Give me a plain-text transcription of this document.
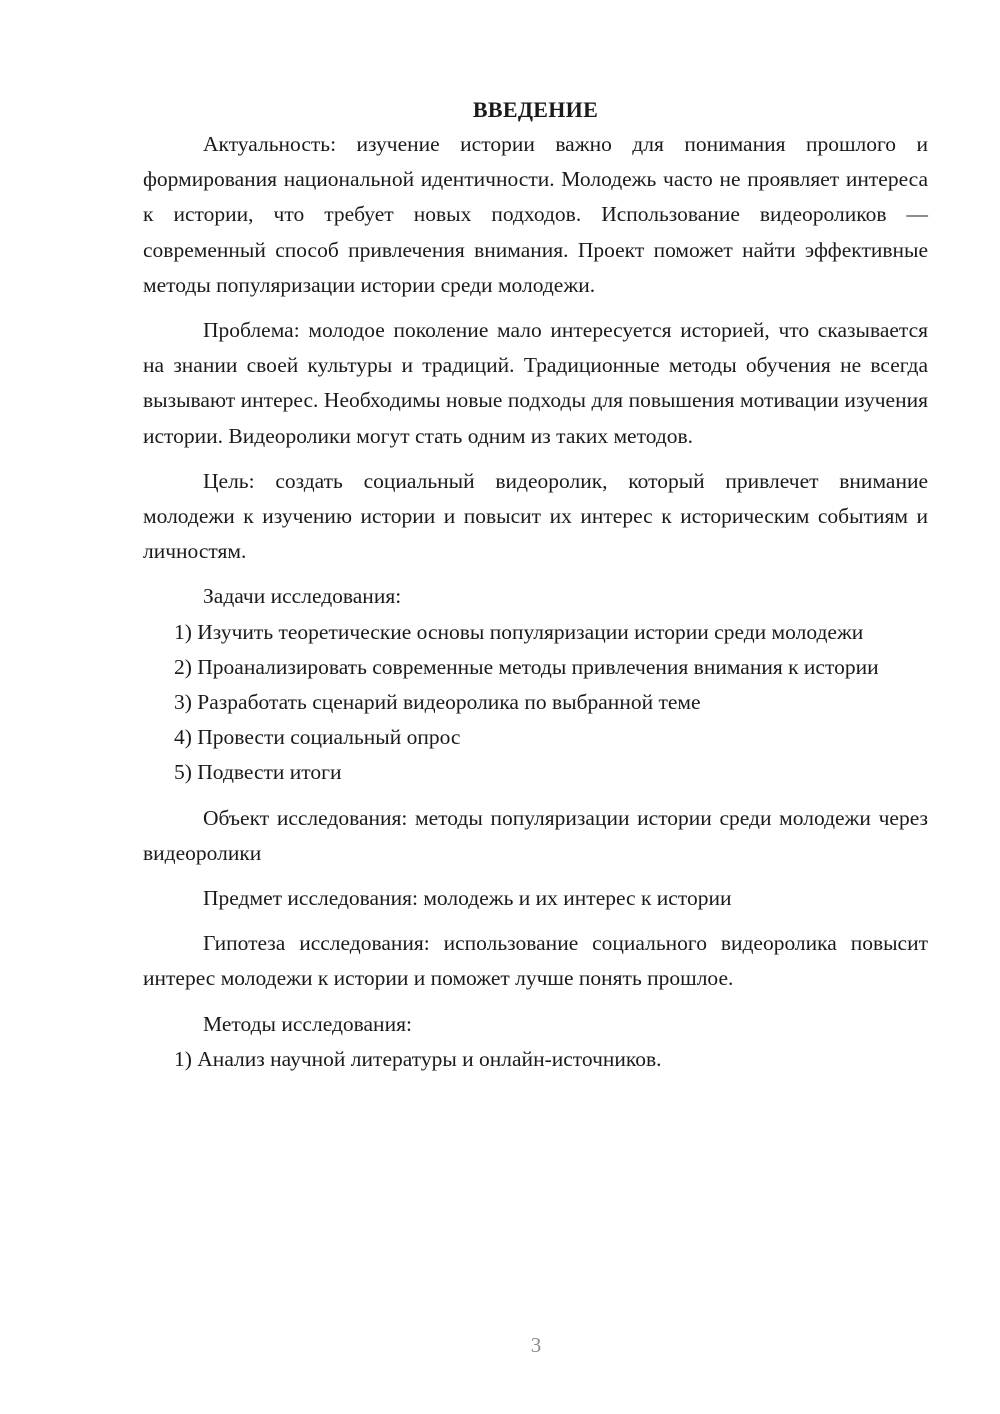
ВВЕДЕНИЕ

Актуальность: изучение истории важно для понимания прошлого и формирования национальной идентичности. Молодежь часто не проявляет интереса к истории, что требует новых подходов. Использование видеороликов — современный способ привлечения внимания. Проект поможет найти эффективные методы популяризации истории среди молодежи.

Проблема: молодое поколение мало интересуется историей, что сказывается на знании своей культуры и традиций. Традиционные методы обучения не всегда вызывают интерес. Необходимы новые подходы для повышения мотивации изучения истории. Видеоролики могут стать одним из таких методов.

Цель: создать социальный видеоролик, который привлечет внимание молодежи к изучению истории и повысит их интерес к историческим событиям и личностям.

Задачи исследования:

1) Изучить теоретические основы популяризации истории среди молодежи

2) Проанализировать современные методы привлечения внимания к истории

3) Разработать сценарий видеоролика по выбранной теме

4) Провести социальный опрос

5) Подвести итоги

Объект исследования: методы популяризации истории среди молодежи через видеоролики

Предмет исследования: молодежь и их интерес к истории

Гипотеза исследования: использование социального видеоролика повысит интерес молодежи к истории и поможет лучше понять прошлое.

Методы исследования:

1) Анализ научной литературы и онлайн-источников.

3
